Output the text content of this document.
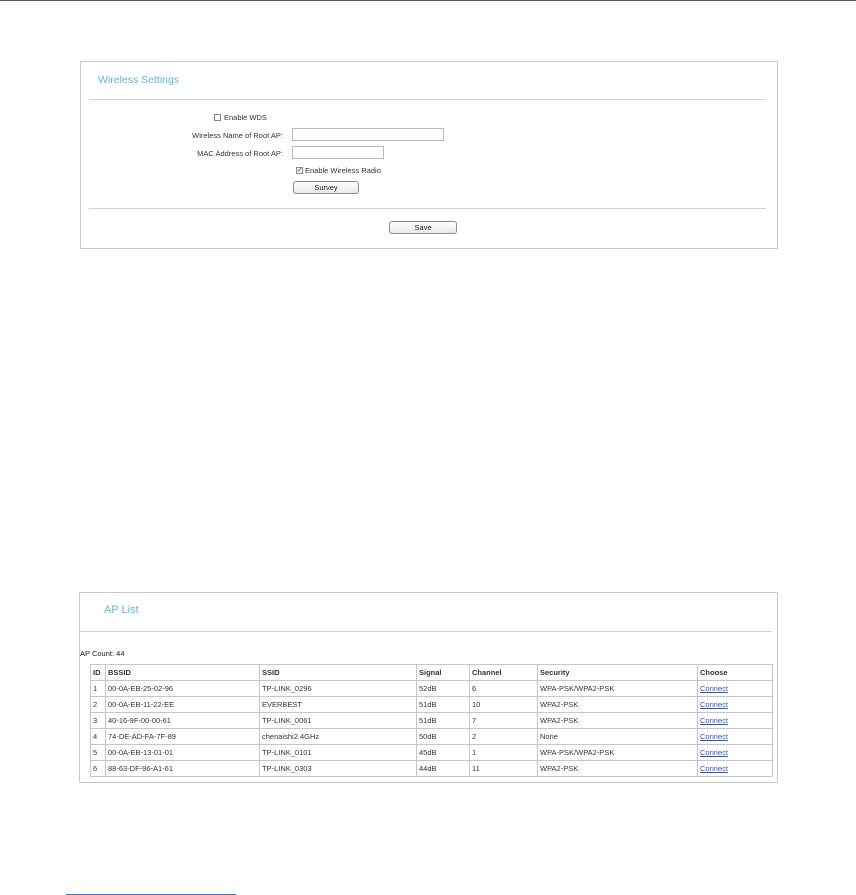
Wireless Settings
Enable WDS
Wireless Name of Root AP:
MAC Address of Root AP:
✓ Enable Wireless Radio
Survey
Save
AP List
AP Count: 44
ID	BSSID	SSID	Signal	Channel	Security	Choose
1	00-0A-EB-25-02-96	TP-LINK_0296	52dB	6	WPA-PSK/WPA2-PSK	Connect
2	00-0A-EB-11-22-EE	EVERBEST	51dB	10	WPA2-PSK	Connect
3	40-16-9F-00-00-61	TP-LINK_0061	51dB	7	WPA2-PSK	Connect
4	74-DE-AD-FA-7F-89	chenaishi2.4GHz	50dB	2	None	Connect
5	00-0A-EB-13-01-01	TP-LINK_0101	45dB	1	WPA-PSK/WPA2-PSK	Connect
6	88-63-DF-96-A1-61	TP-LINK_0303	44dB	11	WPA2-PSK	Connect
